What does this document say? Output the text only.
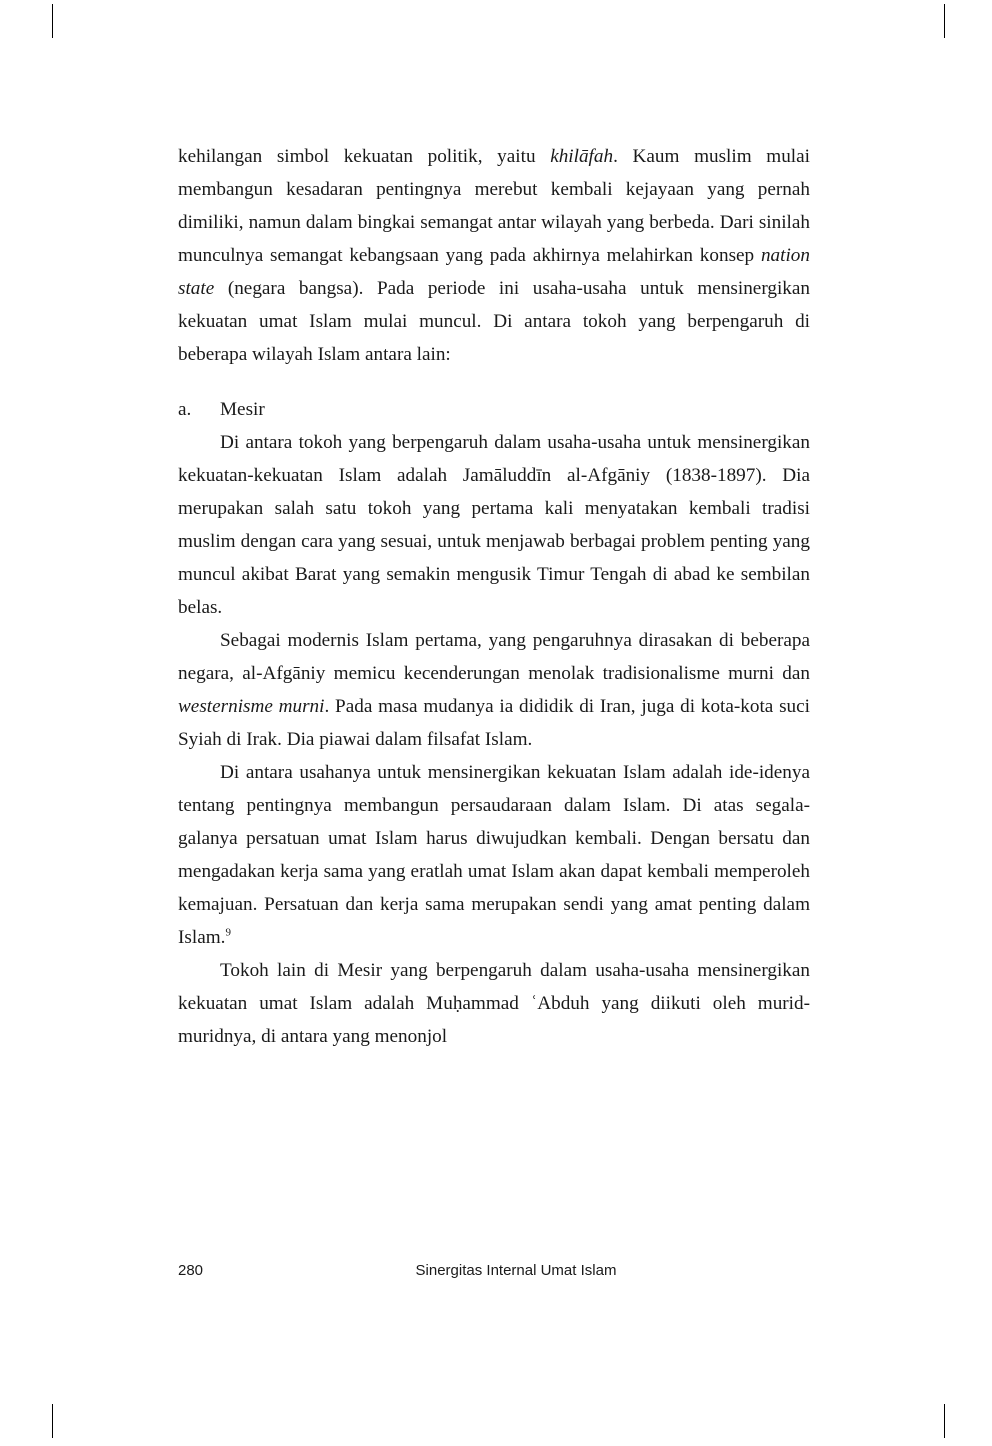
kehilangan simbol kekuatan politik, yaitu khilāfah. Kaum muslim mulai membangun kesadaran pentingnya merebut kembali kejayaan yang pernah dimiliki, namun dalam bingkai semangat antar wilayah yang berbeda. Dari sinilah munculnya semangat kebangsaan yang pada akhirnya melahirkan konsep nation state (negara bangsa). Pada periode ini usaha-usaha untuk mensinergikan kekuatan umat Islam mulai muncul. Di antara tokoh yang berpengaruh di beberapa wilayah Islam antara lain:

a.	Mesir

Di antara tokoh yang berpengaruh dalam usaha-usaha untuk mensinergikan kekuatan-kekuatan Islam adalah Jamāluddīn al-Afgāniy (1838-1897). Dia merupakan salah satu tokoh yang pertama kali menyatakan kembali tradisi muslim dengan cara yang sesuai, untuk menjawab berbagai problem penting yang muncul akibat Barat yang semakin mengusik Timur Tengah di abad ke sembilan belas.

Sebagai modernis Islam pertama, yang pengaruhnya dirasakan di beberapa negara, al-Afgāniy memicu kecenderungan menolak tradisionalisme murni dan westernisme murni. Pada masa mudanya ia dididik di Iran, juga di kota-kota suci Syiah di Irak. Dia piawai dalam filsafat Islam.

Di antara usahanya untuk mensinergikan kekuatan Islam adalah ide-idenya tentang pentingnya membangun persaudaraan dalam Islam. Di atas segala-galanya persatuan umat Islam harus diwujudkan kembali. Dengan bersatu dan mengadakan kerja sama yang eratlah umat Islam akan dapat kembali memperoleh kemajuan. Persatuan dan kerja sama merupakan sendi yang amat penting dalam Islam.$^9$

Tokoh lain di Mesir yang berpengaruh dalam usaha-usaha mensinergikan kekuatan umat Islam adalah Muḥammad ʿAbduh yang diikuti oleh murid-muridnya, di antara yang menonjol

280	Sinergitas Internal Umat Islam
